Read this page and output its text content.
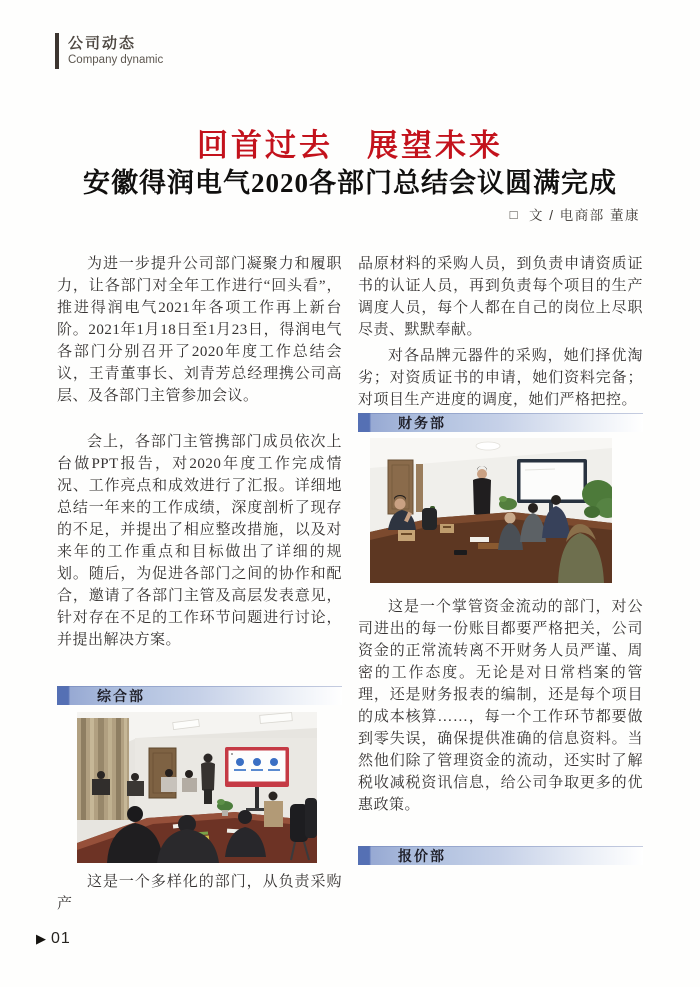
公司动态
Company dynamic
回首过去　展望未来
安徽得润电气2020各部门总结会议圆满完成
□ 文 / 电商部 董康

为进一步提升公司部门凝聚力和履职力，让各部门对全年工作进行“回头看”，推进得润电气2021年各项工作再上新台阶。2021年1月18日至1月23日，得润电气各部门分别召开了2020年度工作总结会议，王青董事长、刘青芳总经理携公司高层、及各部门主管参加会议。

会上，各部门主管携部门成员依次上台做PPT报告，对2020年度工作完成情况、工作亮点和成效进行了汇报。详细地总结一年来的工作成绩，深度剖析了现存的不足，并提出了相应整改措施，以及对来年的工作重点和目标做出了详细的规划。随后，为促进各部门之间的协作和配合，邀请了各部门主管及高层发表意见，针对存在不足的工作环节问题进行讨论，并提出解决方案。

综合部

这是一个多样化的部门，从负责采购产

品原材料的采购人员，到负责申请资质证书的认证人员，再到负责每个项目的生产调度人员，每个人都在自己的岗位上尽职尽责、默默奉献。

对各品牌元器件的采购，她们择优淘劣；对资质证书的申请，她们资料完备；对项目生产进度的调度，她们严格把控。

财务部

这是一个掌管资金流动的部门，对公司进出的每一份账目都要严格把关，公司资金的正常流转离不开财务人员严谨、周密的工作态度。无论是对日常档案的管理，还是财务报表的编制，还是每个项目的成本核算……，每一个工作环节都要做到零失误，确保提供准确的信息资料。当然他们除了管理资金的流动，还实时了解税收减税资讯信息，给公司争取更多的优惠政策。

报价部
▶ 01
